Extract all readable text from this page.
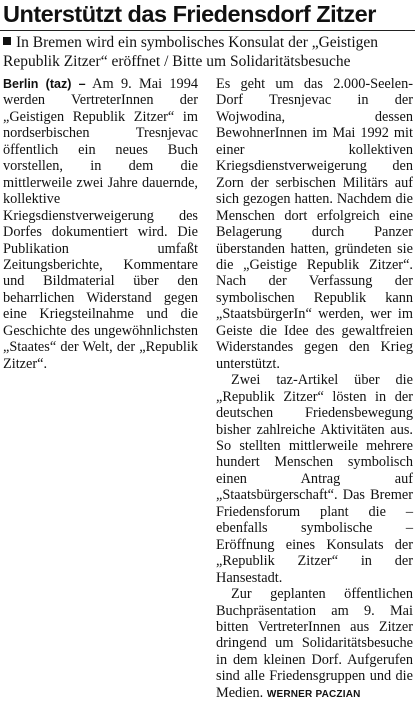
Unterstützt das Friedensdorf Zitzer
In Bremen wird ein symbolisches Konsulat der „Geistigen Republik Zitzer“ eröffnet / Bitte um Solidaritätsbesuche

Berlin (taz) – Am 9. Mai 1994 werden VertreterInnen der „Geistigen Republik Zitzer“ im nordserbischen Tresnjevac öffentlich ein neues Buch vorstellen, in dem die mittlerweile zwei Jahre dauernde, kollektive Kriegsdienstverweigerung des Dorfes dokumentiert wird. Die Publikation umfaßt Zeitungsberichte, Kommentare und Bildmaterial über den beharrlichen Widerstand gegen eine Kriegsteilnahme und die Geschichte des ungewöhnlichsten „Staates“ der Welt, der „Republik Zitzer“.

Es geht um das 2.000-Seelen-Dorf Tresnjevac in der Wojwodina, dessen BewohnerInnen im Mai 1992 mit einer kollektiven Kriegsdienstverweigerung den Zorn der serbischen Militärs auf sich gezogen hatten. Nachdem die Menschen dort erfolgreich eine Belagerung durch Panzer überstanden hatten, gründeten sie die „Geistige Republik Zitzer“. Nach der Verfassung der symbolischen Republik kann „StaatsbürgerIn“ werden, wer im Geiste die Idee des gewaltfreien Widerstandes gegen den Krieg unterstützt.

Zwei taz-Artikel über die „Republik Zitzer“ lösten in der deutschen Friedensbewegung bisher zahlreiche Aktivitäten aus. So stellten mittlerweile mehrere hundert Menschen symbolisch einen Antrag auf „Staatsbürgerschaft“. Das Bremer Friedensforum plant die – ebenfalls symbolische – Eröffnung eines Konsulats der „Republik Zitzer“ in der Hansestadt.

Zur geplanten öffentlichen Buchpräsentation am 9. Mai bitten VertreterInnen aus Zitzer dringend um Solidaritätsbesuche in dem kleinen Dorf. Aufgerufen sind alle Friedensgruppen und die Medien. WERNER PACZIAN
